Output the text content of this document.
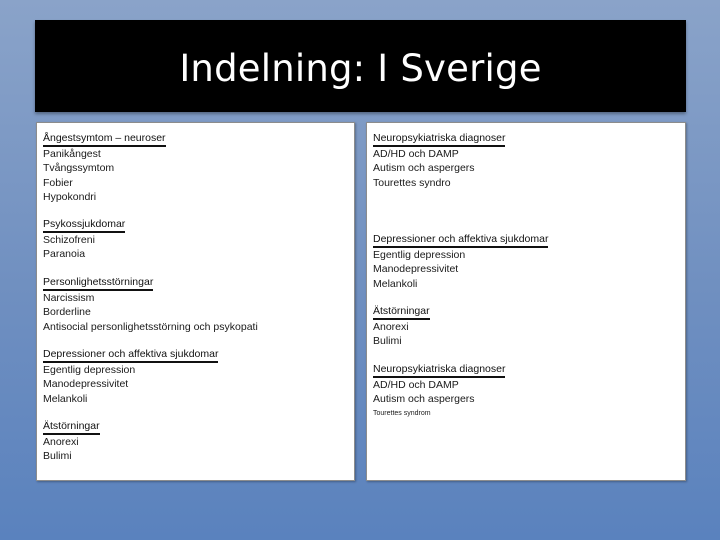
Indelning: I Sverige
Ångestsymtom – neuroser
Panikångest
Tvångssymtom
Fobier
Hypokondri
Psykossjukdomar
Schizofreni
Paranoia
Personlighetsstörningar
Narcissism
Borderline
Antisocial personlighetsstörning och psykopati
Depressioner och affektiva sjukdomar
Egentlig depression
Manodepressivitet
Melankoli
Ätstörningar
Anorexi
Bulimi
Neuropsykiatriska diagnoser
AD/HD och DAMP
Autism och aspergers
Tourettes syndro
Depressioner och affektiva sjukdomar
Egentlig depression
Manodepressivitet
Melankoli
Ätstörningar
Anorexi
Bulimi
Neuropsykiatriska diagnoser
AD/HD och DAMP
Autism och aspergers
Tourettes syndrom
